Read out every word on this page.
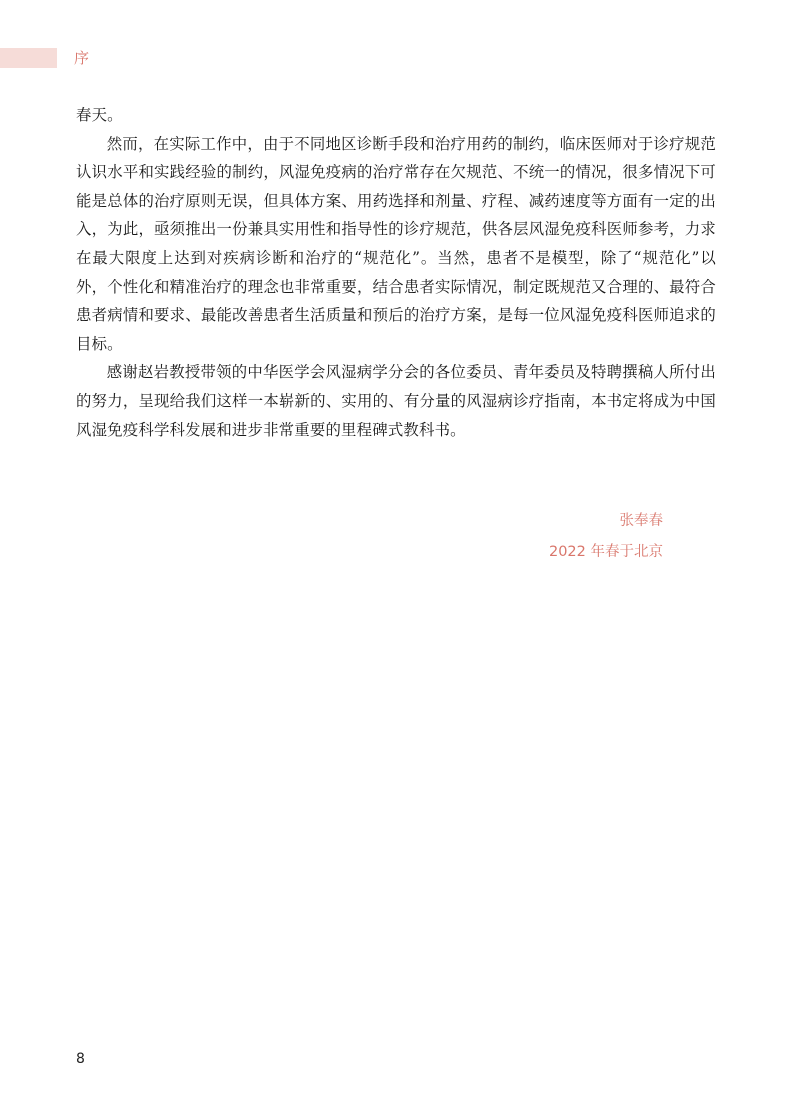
序

春天。

然而，在实际工作中，由于不同地区诊断手段和治疗用药的制约，临床医师对于诊疗规范认识水平和实践经验的制约，风湿免疫病的治疗常存在欠规范、不统一的情况，很多情况下可能是总体的治疗原则无误，但具体方案、用药选择和剂量、疗程、减药速度等方面有一定的出入，为此，亟须推出一份兼具实用性和指导性的诊疗规范，供各层风湿免疫科医师参考，力求在最大限度上达到对疾病诊断和治疗的“规范化”。当然，患者不是模型，除了“规范化”以外，个性化和精准治疗的理念也非常重要，结合患者实际情况，制定既规范又合理的、最符合患者病情和要求、最能改善患者生活质量和预后的治疗方案，是每一位风湿免疫科医师追求的目标。

感谢赵岩教授带领的中华医学会风湿病学分会的各位委员、青年委员及特聘撰稿人所付出的努力，呈现给我们这样一本崭新的、实用的、有分量的风湿病诊疗指南，本书定将成为中国风湿免疫科学科发展和进步非常重要的里程碑式教科书。

张奉春
2022 年春于北京
8
